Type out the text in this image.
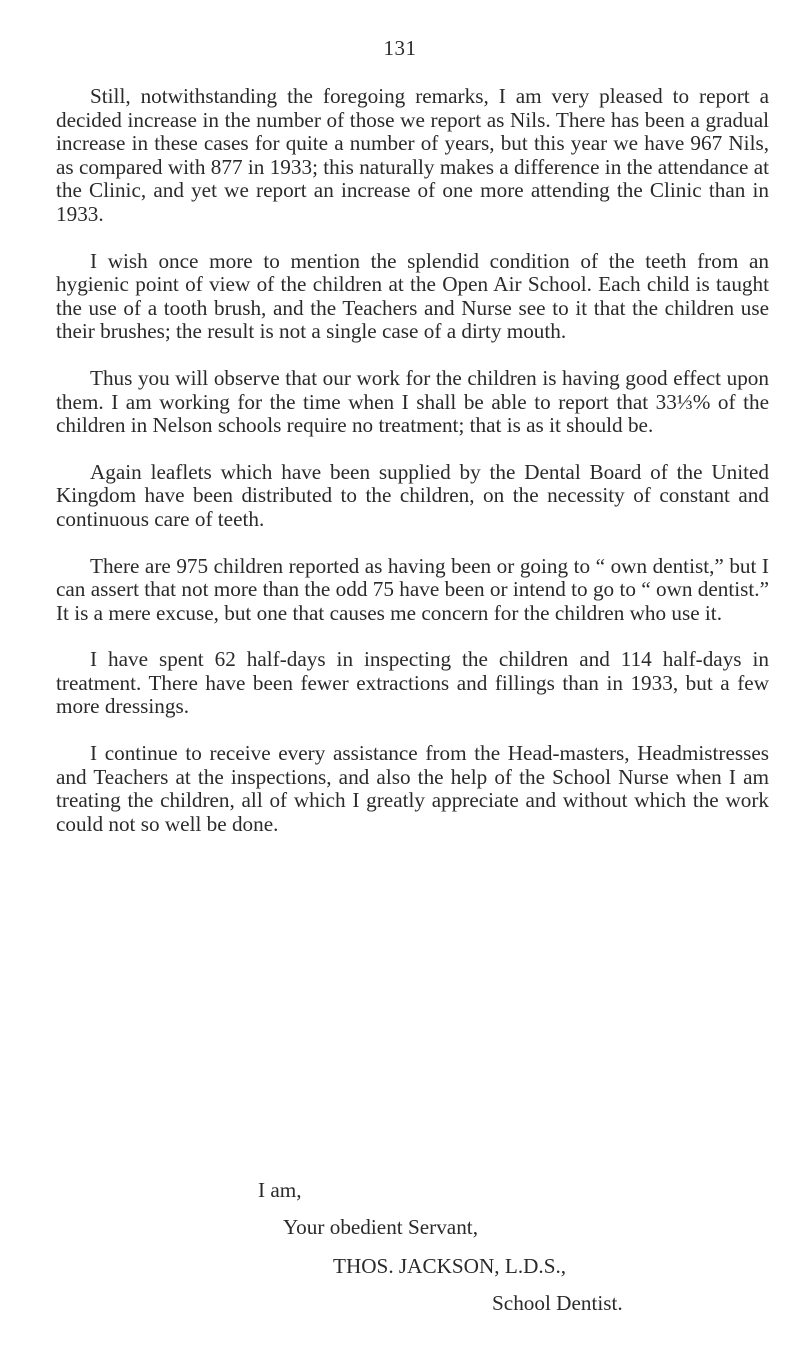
131

Still, notwithstanding the foregoing remarks, I am very pleased to report a decided increase in the number of those we report as Nils. There has been a gradual increase in these cases for quite a number of years, but this year we have 967 Nils, as compared with 877 in 1933; this naturally makes a difference in the attendance at the Clinic, and yet we report an increase of one more attending the Clinic than in 1933.

I wish once more to mention the splendid condition of the teeth from an hygienic point of view of the children at the Open Air School. Each child is taught the use of a tooth brush, and the Teachers and Nurse see to it that the children use their brushes; the result is not a single case of a dirty mouth.

Thus you will observe that our work for the children is having good effect upon them. I am working for the time when I shall be able to report that 33⅓% of the children in Nelson schools require no treatment; that is as it should be.

Again leaflets which have been supplied by the Dental Board of the United Kingdom have been distributed to the children, on the necessity of constant and continuous care of teeth.

There are 975 children reported as having been or going to “ own dentist,” but I can assert that not more than the odd 75 have been or intend to go to “ own dentist.” It is a mere excuse, but one that causes me concern for the children who use it.

I have spent 62 half-days in inspecting the children and 114 half-days in treatment. There have been fewer extractions and fillings than in 1933, but a few more dressings.

I continue to receive every assistance from the Head-masters, Headmistresses and Teachers at the inspections, and also the help of the School Nurse when I am treating the children, all of which I greatly appreciate and without which the work could not so well be done.

I am,
Your obedient Servant,
THOS. JACKSON, L.D.S.,
School Dentist.
